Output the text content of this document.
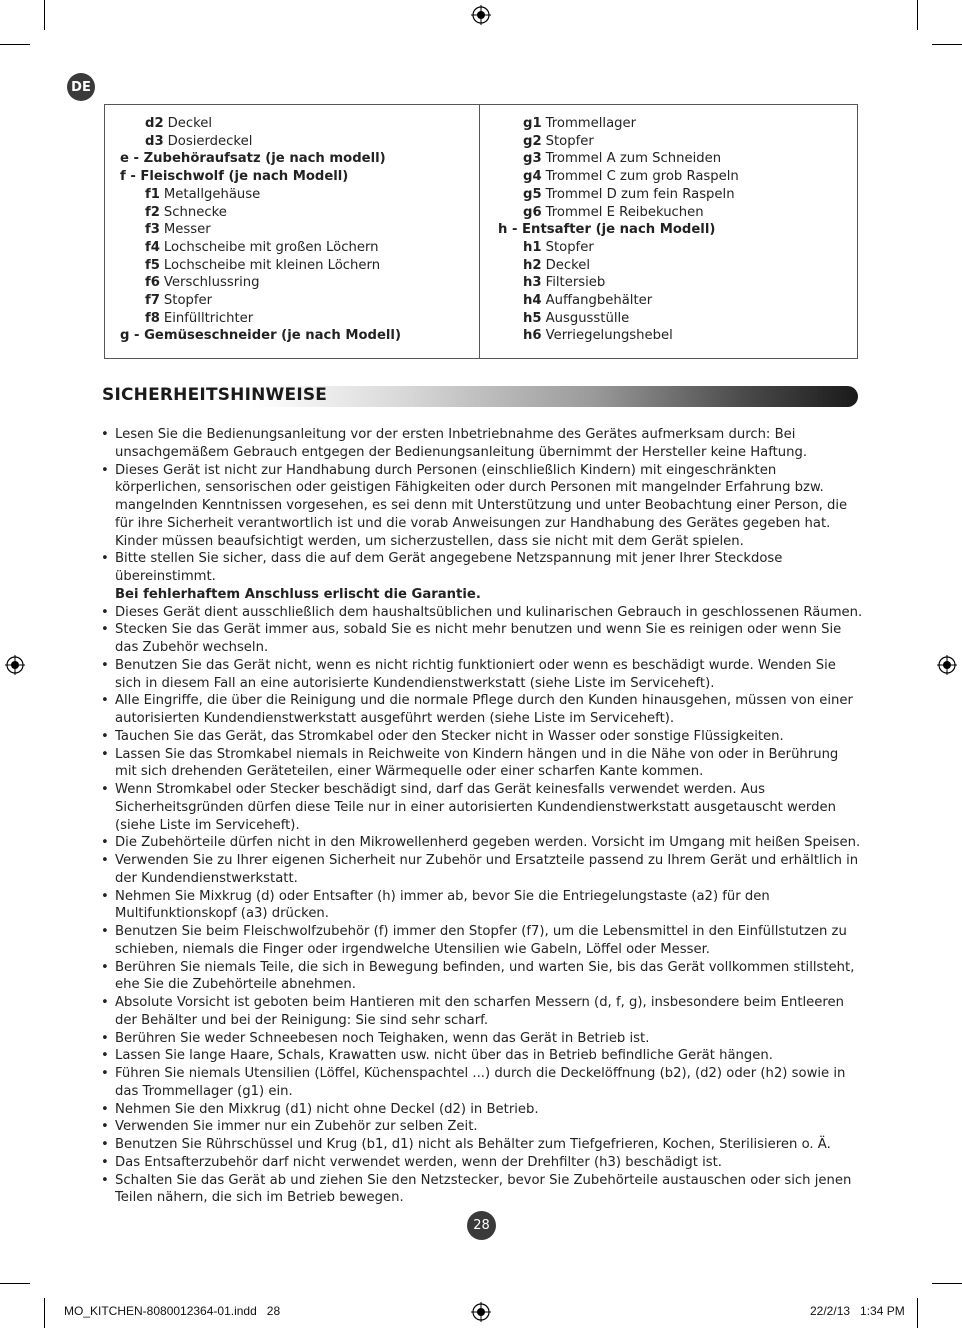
DE
d2 Deckel
d3 Dosierdeckel
e - Zubehöraufsatz (je nach modell)
f - Fleischwolf (je nach Modell)
f1 Metallgehäuse
f2 Schnecke
f3 Messer
f4 Lochscheibe mit großen Löchern
f5 Lochscheibe mit kleinen Löchern
f6 Verschlussring
f7 Stopfer
f8 Einfülltrichter
g - Gemüseschneider (je nach Modell)
g1 Trommellager
g2 Stopfer
g3 Trommel A zum Schneiden
g4 Trommel C zum grob Raspeln
g5 Trommel D zum fein Raspeln
g6 Trommel E Reibekuchen
h - Entsafter (je nach Modell)
h1 Stopfer
h2 Deckel
h3 Filtersieb
h4 Auffangbehälter
h5 Ausgusstülle
h6 Verriegelungshebel
SICHERHEITSHINWEISE
• Lesen Sie die Bedienungsanleitung vor der ersten Inbetriebnahme des Gerätes aufmerksam durch: Bei unsachgemäßem Gebrauch entgegen der Bedienungsanleitung übernimmt der Hersteller keine Haftung.
• Dieses Gerät ist nicht zur Handhabung durch Personen (einschließlich Kindern) mit eingeschränkten körperlichen, sensorischen oder geistigen Fähigkeiten oder durch Personen mit mangelnder Erfahrung bzw. mangelnden Kenntnissen vorgesehen, es sei denn mit Unterstützung und unter Beobachtung einer Person, die für ihre Sicherheit verantwortlich ist und die vorab Anweisungen zur Handhabung des Gerätes gegeben hat. Kinder müssen beaufsichtigt werden, um sicherzustellen, dass sie nicht mit dem Gerät spielen.
• Bitte stellen Sie sicher, dass die auf dem Gerät angegebene Netzspannung mit jener Ihrer Steckdose übereinstimmt.
Bei fehlerhaftem Anschluss erlischt die Garantie.
• Dieses Gerät dient ausschließlich dem haushaltsüblichen und kulinarischen Gebrauch in geschlossenen Räumen.
• Stecken Sie das Gerät immer aus, sobald Sie es nicht mehr benutzen und wenn Sie es reinigen oder wenn Sie das Zubehör wechseln.
• Benutzen Sie das Gerät nicht, wenn es nicht richtig funktioniert oder wenn es beschädigt wurde. Wenden Sie sich in diesem Fall an eine autorisierte Kundendienstwerkstatt (siehe Liste im Serviceheft).
• Alle Eingriffe, die über die Reinigung und die normale Pflege durch den Kunden hinausgehen, müssen von einer autorisierten Kundendienstwerkstatt ausgeführt werden (siehe Liste im Serviceheft).
• Tauchen Sie das Gerät, das Stromkabel oder den Stecker nicht in Wasser oder sonstige Flüssigkeiten.
• Lassen Sie das Stromkabel niemals in Reichweite von Kindern hängen und in die Nähe von oder in Berührung mit sich drehenden Geräteteilen, einer Wärmequelle oder einer scharfen Kante kommen.
• Wenn Stromkabel oder Stecker beschädigt sind, darf das Gerät keinesfalls verwendet werden. Aus Sicherheitsgründen dürfen diese Teile nur in einer autorisierten Kundendienstwerkstatt ausgetauscht werden (siehe Liste im Serviceheft).
• Die Zubehörteile dürfen nicht in den Mikrowellenherd gegeben werden. Vorsicht im Umgang mit heißen Speisen.
• Verwenden Sie zu Ihrer eigenen Sicherheit nur Zubehör und Ersatzteile passend zu Ihrem Gerät und erhältlich in der Kundendienstwerkstatt.
• Nehmen Sie Mixkrug (d) oder Entsafter (h) immer ab, bevor Sie die Entriegelungstaste (a2) für den Multifunktionskopf (a3) drücken.
• Benutzen Sie beim Fleischwolfzubehör (f) immer den Stopfer (f7), um die Lebensmittel in den Einfüllstutzen zu schieben, niemals die Finger oder irgendwelche Utensilien wie Gabeln, Löffel oder Messer.
• Berühren Sie niemals Teile, die sich in Bewegung befinden, und warten Sie, bis das Gerät vollkommen stillsteht, ehe Sie die Zubehörteile abnehmen.
• Absolute Vorsicht ist geboten beim Hantieren mit den scharfen Messern (d, f, g), insbesondere beim Entleeren der Behälter und bei der Reinigung: Sie sind sehr scharf.
• Berühren Sie weder Schneebesen noch Teighaken, wenn das Gerät in Betrieb ist.
• Lassen Sie lange Haare, Schals, Krawatten usw. nicht über das in Betrieb befindliche Gerät hängen.
• Führen Sie niemals Utensilien (Löffel, Küchenspachtel ...) durch die Deckelöffnung (b2), (d2) oder (h2) sowie in das Trommellager (g1) ein.
• Nehmen Sie den Mixkrug (d1) nicht ohne Deckel (d2) in Betrieb.
• Verwenden Sie immer nur ein Zubehör zur selben Zeit.
• Benutzen Sie Rührschüssel und Krug (b1, d1) nicht als Behälter zum Tiefgefrieren, Kochen, Sterilisieren o. Ä.
• Das Entsafterzubehör darf nicht verwendet werden, wenn der Drehfilter (h3) beschädigt ist.
• Schalten Sie das Gerät ab und ziehen Sie den Netzstecker, bevor Sie Zubehörteile austauschen oder sich jenen Teilen nähern, die sich im Betrieb bewegen.
28
MO_KITCHEN-8080012364-01.indd   28	22/2/13   1:34 PM
